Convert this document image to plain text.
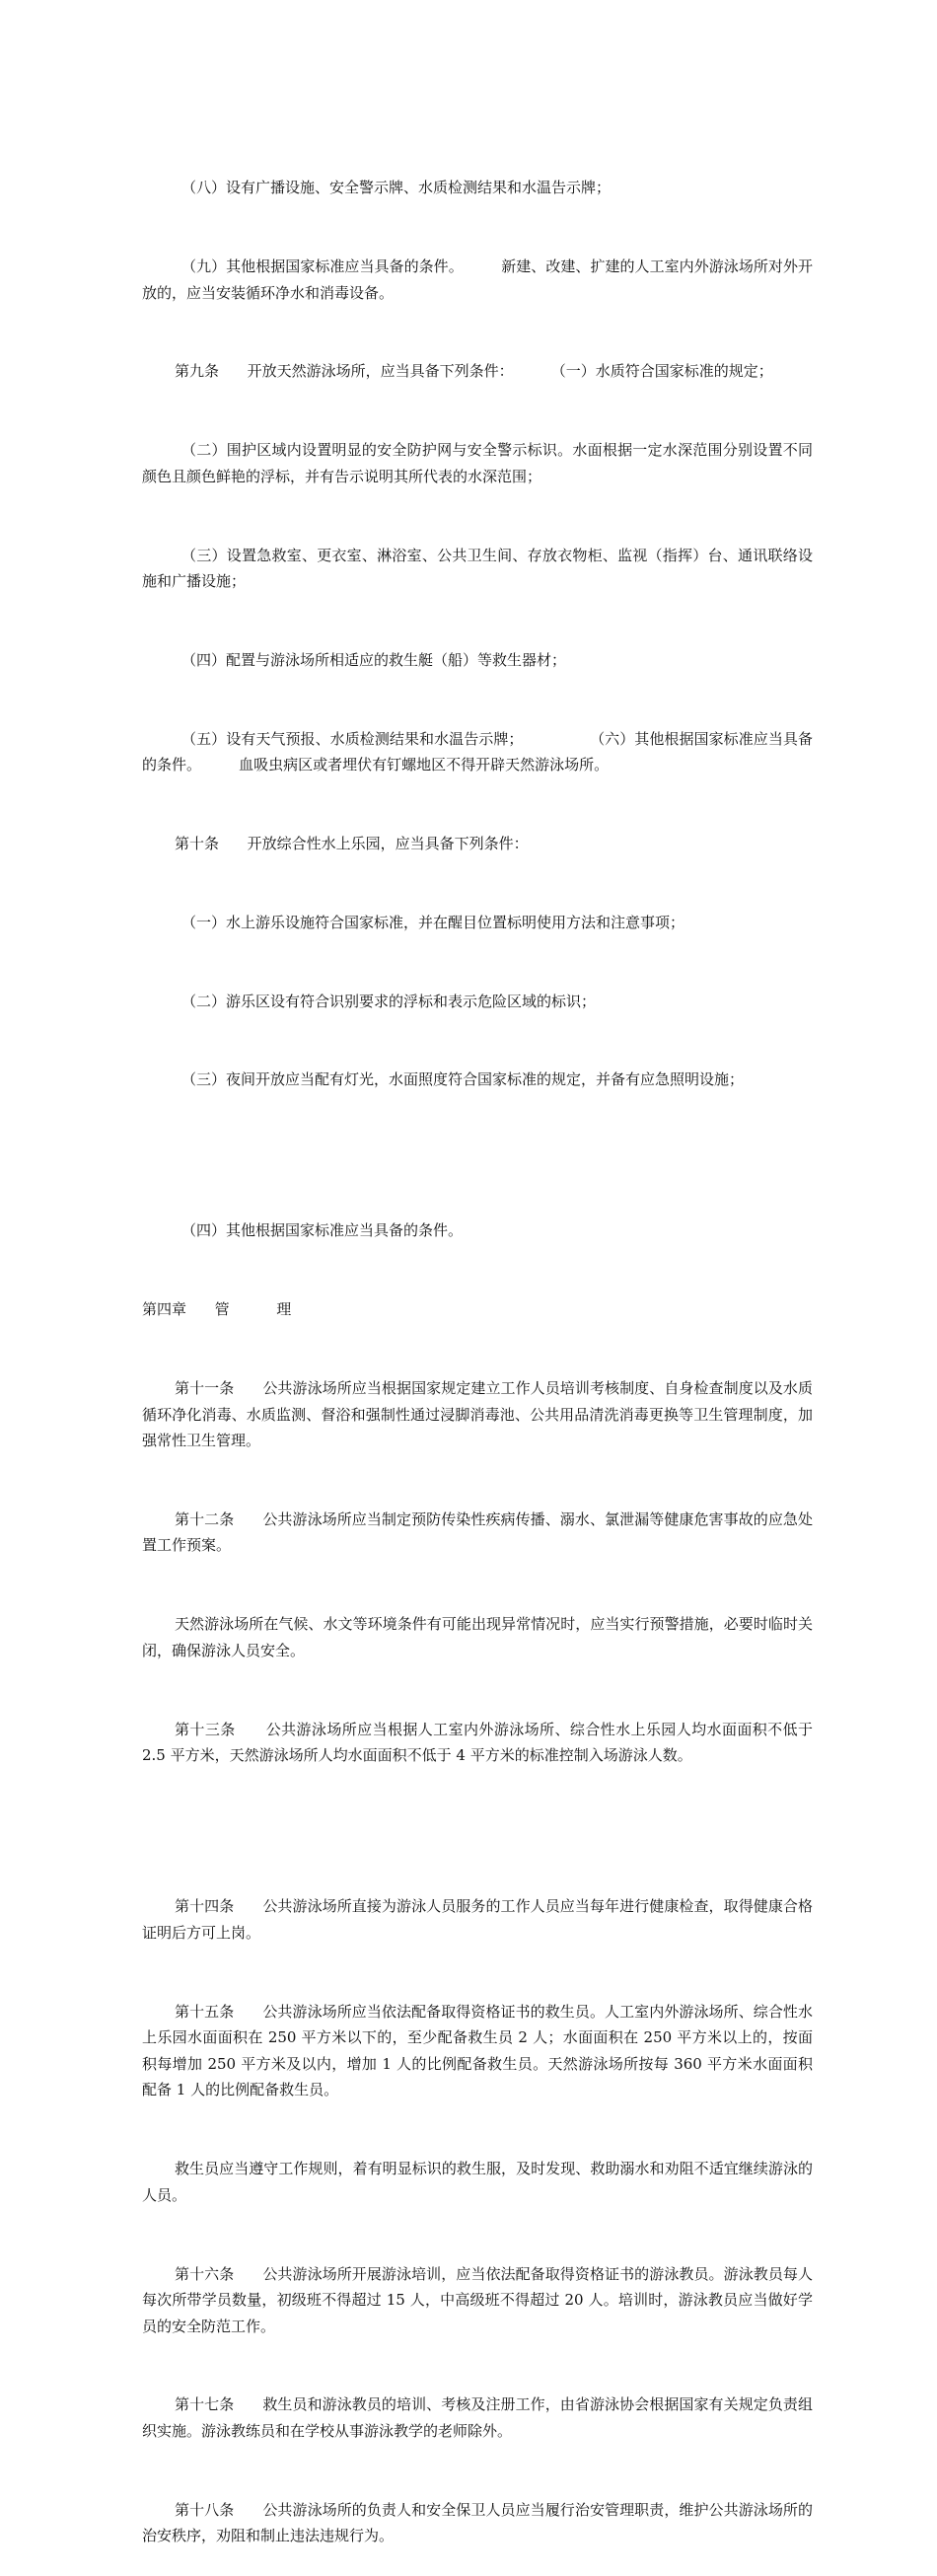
（八）设有广播设施、安全警示牌、水质检测结果和水温告示牌；

（九）其他根据国家标准应当具备的条件。        新建、改建、扩建的人工室内外游泳场所对外开放的，应当安装循环净水和消毒设备。

第九条      开放天然游泳场所，应当具备下列条件：        （一）水质符合国家标准的规定；

（二）围护区域内设置明显的安全防护网与安全警示标识。水面根据一定水深范围分别设置不同颜色且颜色鲜艳的浮标，并有告示说明其所代表的水深范围；

（三）设置急救室、更衣室、淋浴室、公共卫生间、存放衣物柜、监视（指挥）台、通讯联络设施和广播设施；

（四）配置与游泳场所相适应的救生艇（船）等救生器材；

（五）设有天气预报、水质检测结果和水温告示牌；              （六）其他根据国家标准应当具备的条件。        血吸虫病区或者埋伏有钉螺地区不得开辟天然游泳场所。

第十条      开放综合性水上乐园，应当具备下列条件：

（一）水上游乐设施符合国家标准，并在醒目位置标明使用方法和注意事项；

（二）游乐区设有符合识别要求的浮标和表示危险区域的标识；

（三）夜间开放应当配有灯光，水面照度符合国家标准的规定，并备有应急照明设施；

（四）其他根据国家标准应当具备的条件。

第四章      管          理

第十一条      公共游泳场所应当根据国家规定建立工作人员培训考核制度、自身检查制度以及水质循环净化消毒、水质监测、督浴和强制性通过浸脚消毒池、公共用品清洗消毒更换等卫生管理制度，加强常性卫生管理。

第十二条      公共游泳场所应当制定预防传染性疾病传播、溺水、氯泄漏等健康危害事故的应急处置工作预案。

天然游泳场所在气候、水文等环境条件有可能出现异常情况时，应当实行预警措施，必要时临时关闭，确保游泳人员安全。

第十三条      公共游泳场所应当根据人工室内外游泳场所、综合性水上乐园人均水面面积不低于 2.5 平方米，天然游泳场所人均水面面积不低于 4 平方米的标准控制入场游泳人数。

第十四条      公共游泳场所直接为游泳人员服务的工作人员应当每年进行健康检查，取得健康合格证明后方可上岗。

第十五条      公共游泳场所应当依法配备取得资格证书的救生员。人工室内外游泳场所、综合性水上乐园水面面积在 250 平方米以下的，至少配备救生员 2 人；水面面积在 250 平方米以上的，按面积每增加 250 平方米及以内，增加 1 人的比例配备救生员。天然游泳场所按每 360 平方米水面面积配备 1 人的比例配备救生员。

救生员应当遵守工作规则，着有明显标识的救生服，及时发现、救助溺水和劝阻不适宜继续游泳的人员。

第十六条      公共游泳场所开展游泳培训，应当依法配备取得资格证书的游泳教员。游泳教员每人每次所带学员数量，初级班不得超过 15 人，中高级班不得超过 20 人。培训时，游泳教员应当做好学员的安全防范工作。

第十七条      救生员和游泳教员的培训、考核及注册工作，由省游泳协会根据国家有关规定负责组织实施。游泳教练员和在学校从事游泳教学的老师除外。

第十八条      公共游泳场所的负责人和安全保卫人员应当履行治安管理职责，维护公共游泳场所的治安秩序，劝阻和制止违法违规行为。
